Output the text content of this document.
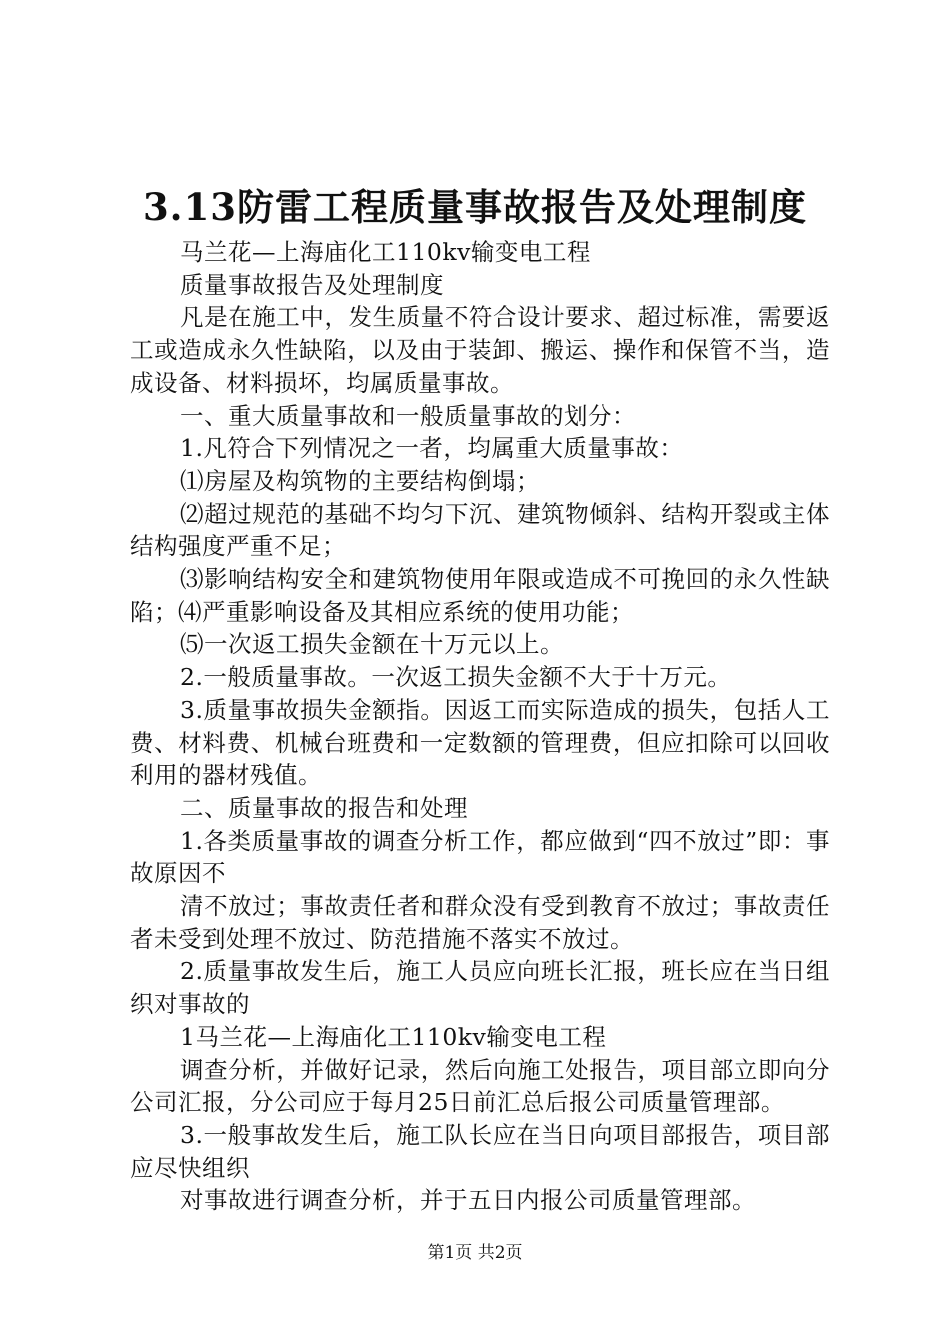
3.13防雷工程质量事故报告及处理制度

马兰花—上海庙化工110kv输变电工程

质量事故报告及处理制度

凡是在施工中，发生质量不符合设计要求、超过标准，需要返工或造成永久性缺陷，以及由于装卸、搬运、操作和保管不当，造成设备、材料损坏，均属质量事故。

一、重大质量事故和一般质量事故的划分：

1.凡符合下列情况之一者，均属重大质量事故：

⑴房屋及构筑物的主要结构倒塌；

⑵超过规范的基础不均匀下沉、建筑物倾斜、结构开裂或主体结构强度严重不足；

⑶影响结构安全和建筑物使用年限或造成不可挽回的永久性缺陷；⑷严重影响设备及其相应系统的使用功能；

⑸一次返工损失金额在十万元以上。

2.一般质量事故。一次返工损失金额不大于十万元。

3.质量事故损失金额指。因返工而实际造成的损失，包括人工费、材料费、机械台班费和一定数额的管理费，但应扣除可以回收利用的器材残值。

二、质量事故的报告和处理

1.各类质量事故的调查分析工作，都应做到“四不放过”即：事故原因不

清不放过；事故责任者和群众没有受到教育不放过；事故责任者未受到处理不放过、防范措施不落实不放过。

2.质量事故发生后，施工人员应向班长汇报，班长应在当日组织对事故的

1马兰花—上海庙化工110kv输变电工程

调查分析，并做好记录，然后向施工处报告，项目部立即向分公司汇报，分公司应于每月25日前汇总后报公司质量管理部。

3.一般事故发生后，施工队长应在当日向项目部报告，项目部应尽快组织

对事故进行调查分析，并于五日内报公司质量管理部。

第1页 共2页
